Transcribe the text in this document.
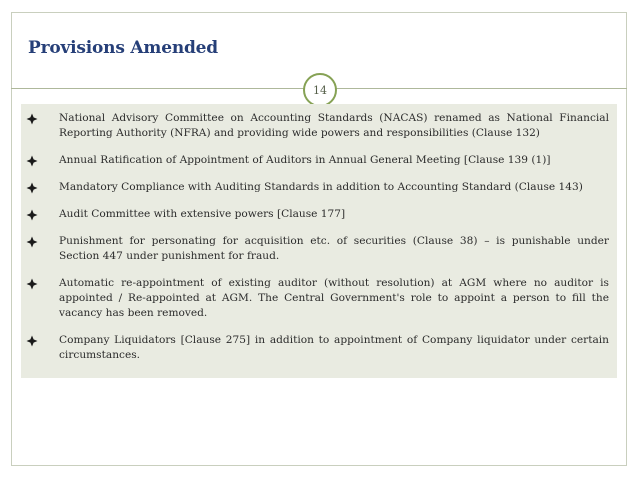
Provisions Amended
14

National Advisory Committee on Accounting Standards (NACAS) renamed as National Financial Reporting Authority (NFRA) and providing wide powers and responsibilities (Clause 132)

Annual Ratification of Appointment of Auditors in Annual General Meeting [Clause 139 (1)]

Mandatory Compliance with Auditing Standards in addition to Accounting Standard (Clause 143)

Audit Committee with extensive powers [Clause 177]

Punishment for personating for acquisition etc. of securities (Clause 38) – is punishable under Section 447 under punishment for fraud.

Automatic re-appointment of existing auditor (without resolution) at AGM where no auditor is appointed / Re-appointed at AGM. The Central Government's role to appoint a person to fill the vacancy has been removed.

Company Liquidators [Clause 275] in addition to appointment of Company liquidator under certain circumstances.
